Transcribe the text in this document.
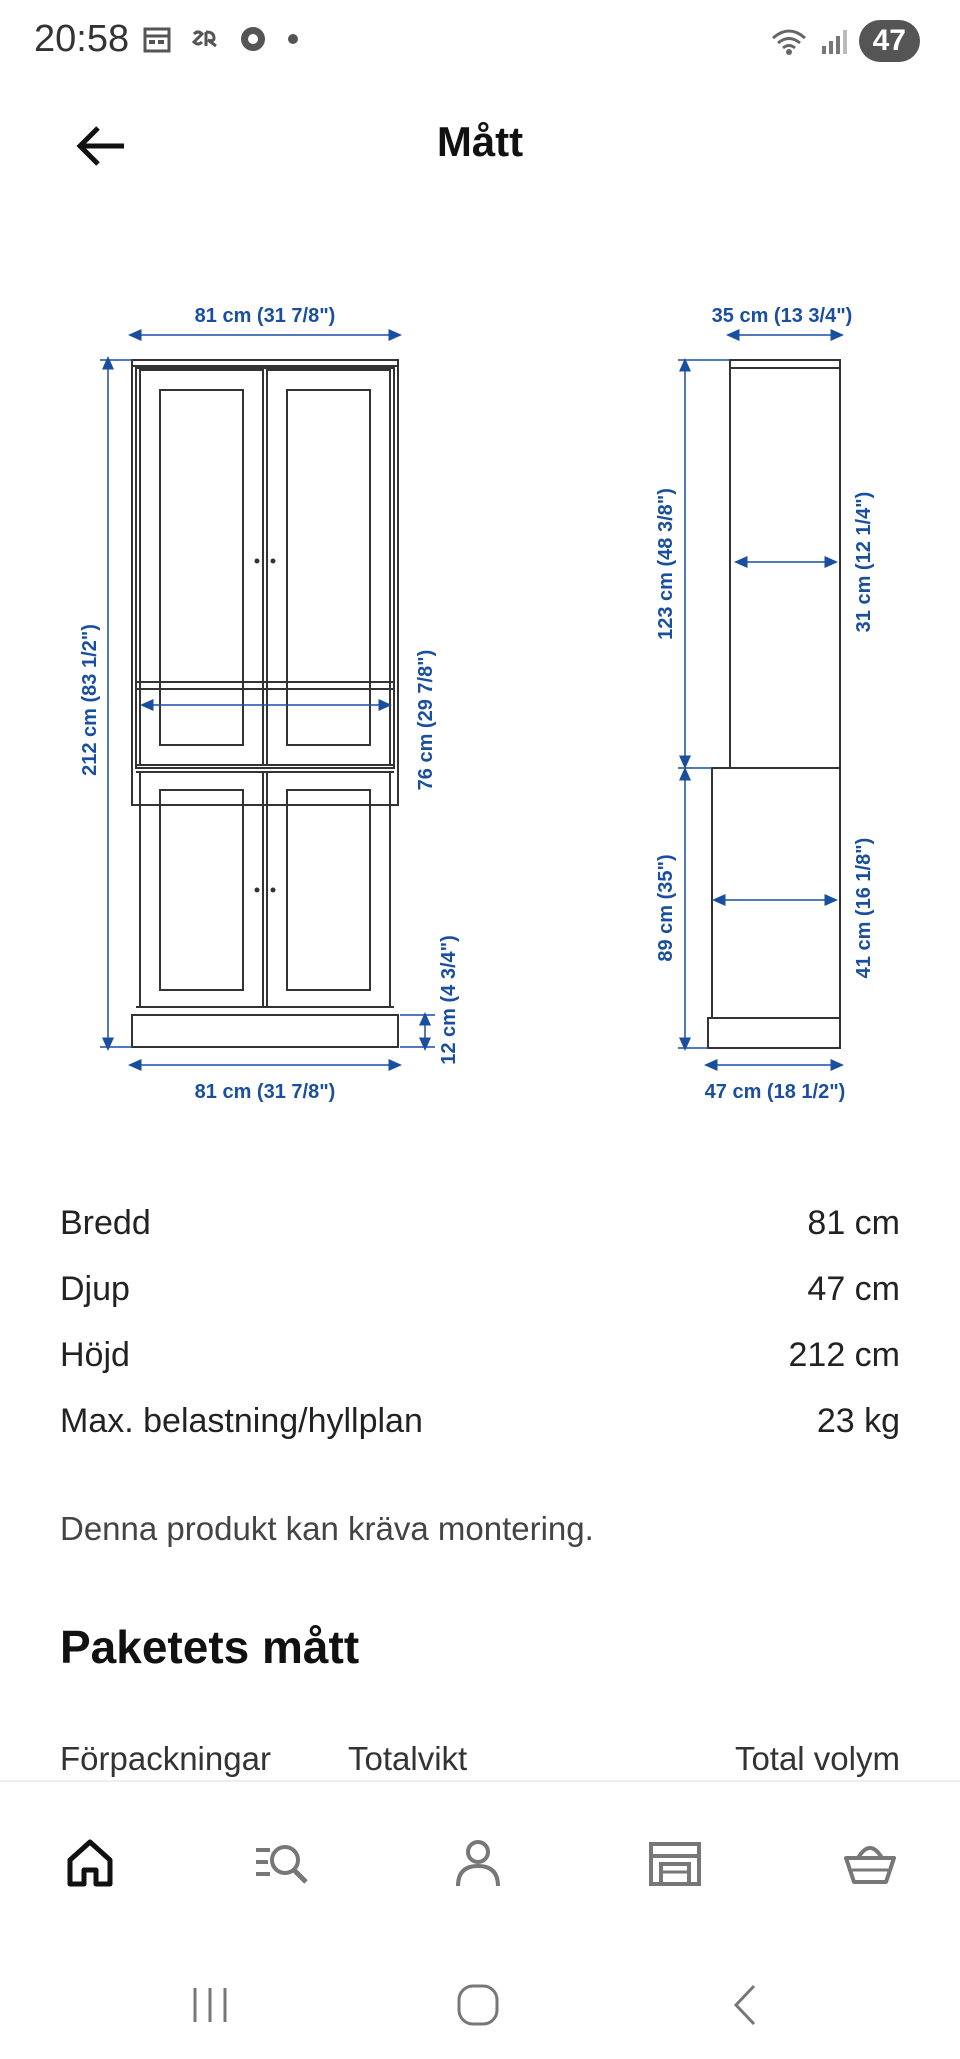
20:58	47
Mått
81 cm (31 7/8")
81 cm (31 7/8")
212 cm (83 1/2")	76 cm (29 7/8")
12 cm (4 3/4")
35 cm (13 3/4")
47 cm (18 1/2")
123 cm (48 3/8")
89 cm (35")
31 cm (12 1/4")
41 cm (16 1/8")
Bredd	81 cm
Djup	47 cm
Höjd	212 cm
Max. belastning/hyllplan	23 kg
Denna produkt kan kräva montering.
Paketets mått
Förpackningar Totalvikt	Total volym
